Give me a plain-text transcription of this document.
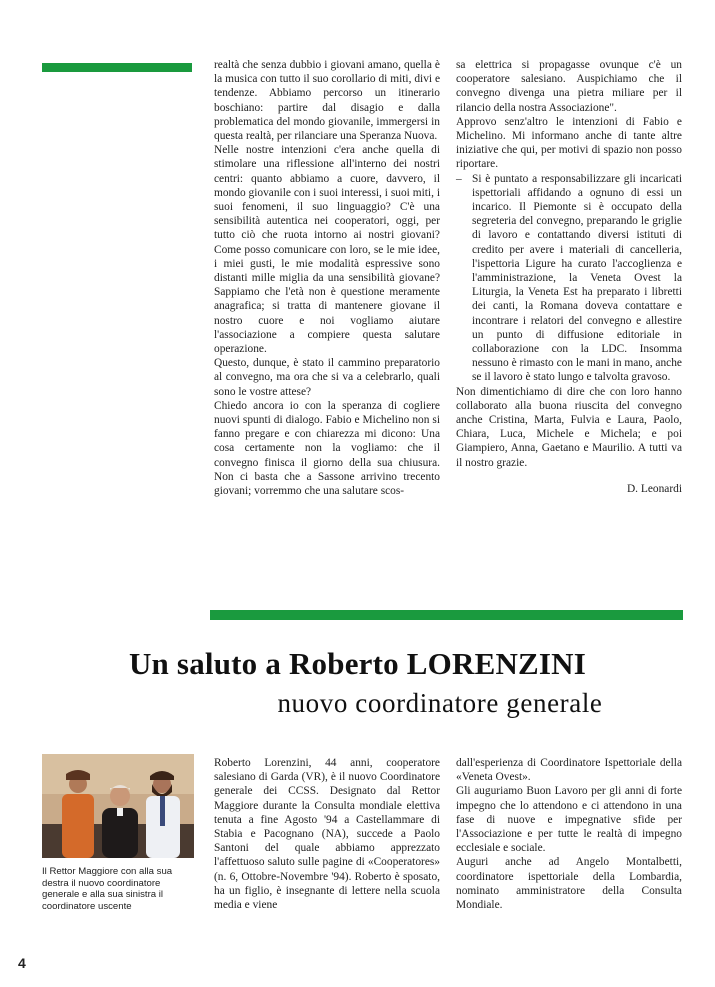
realtà che senza dubbio i giovani amano, quella è la musica con tutto il suo corollario di miti, divi e tendenze. Abbiamo percorso un itinerario boschiano: partire dal disagio e dalla problematica del mondo giovanile, immergersi in questa realtà, per rilanciare una Speranza Nuova.

Nelle nostre intenzioni c'era anche quella di stimolare una riflessione all'interno dei nostri centri: quanto abbiamo a cuore, davvero, il mondo giovanile con i suoi interessi, i suoi miti, i suoi fenomeni, il suo linguaggio? C'è una sensibilità autentica nei cooperatori, oggi, per tutto ciò che ruota intorno ai nostri giovani? Come posso comunicare con loro, se le mie idee, i miei gusti, le mie modalità espressive sono distanti mille miglia da una sensibilità giovane? Sappiamo che l'età non è questione meramente anagrafica; si tratta di mantenere giovane il nostro cuore e noi vogliamo aiutare l'associazione a compiere questa salutare operazione.

Questo, dunque, è stato il cammino preparatorio al convegno, ma ora che si va a celebrarlo, quali sono le vostre attese?

Chiedo ancora io con la speranza di cogliere nuovi spunti di dialogo. Fabio e Michelino non si fanno pregare e con chiarezza mi dicono: Una cosa certamente non la vogliamo: che il convegno finisca il giorno della sua chiusura. Non ci basta che a Sassone arrivino trecento giovani; vorremmo che una salutare scos-

sa elettrica si propagasse ovunque c'è un cooperatore salesiano. Auspichiamo che il convegno divenga una pietra miliare per il rilancio della nostra Associazione".

Approvo senz'altro le intenzioni di Fabio e Michelino. Mi informano anche di tante altre iniziative che qui, per motivi di spazio non posso riportare.

– Si è puntato a responsabilizzare gli incaricati ispettoriali affidando a ognuno di essi un incarico. Il Piemonte si è occupato della segreteria del convegno, preparando le griglie di lavoro e contattando diversi istituti di credito per avere i materiali di cancelleria, l'ispettoria Ligure ha curato l'accoglienza e l'amministrazione, la Veneta Ovest la Liturgia, la Veneta Est ha preparato i libretti dei canti, la Romana doveva contattare e incontrare i relatori del convegno e allestire un punto di diffusione editoriale in collaborazione con la LDC. Insomma nessuno è rimasto con le mani in mano, anche se il lavoro è stato lungo e talvolta gravoso.

Non dimentichiamo di dire che con loro hanno collaborato alla buona riuscita del convegno anche Cristina, Marta, Fulvia e Laura, Paolo, Chiara, Luca, Michele e Michela; e poi Giampiero, Anna, Gaetano e Maurilio. A tutti va il nostro grazie.

D. Leonardi

Un saluto a Roberto LORENZINI
nuovo coordinatore generale
Il Rettor Maggiore con alla sua destra il nuovo coordinatore generale e alla sua sinistra il coordinatore uscente

Roberto Lorenzini, 44 anni, cooperatore salesiano di Garda (VR), è il nuovo Coordinatore generale dei CCSS. Designato dal Rettor Maggiore durante la Consulta mondiale elettiva tenuta a fine Agosto '94 a Castellammare di Stabia e Pacognano (NA), succede a Paolo Santoni del quale abbiamo apprezzato l'affettuoso saluto sulle pagine di «Cooperatores» (n. 6, Ottobre-Novembre '94). Roberto è sposato, ha un figlio, è insegnante di lettere nella scuola media e viene

dall'esperienza di Coordinatore Ispettoriale della «Veneta Ovest».

Gli auguriamo Buon Lavoro per gli anni di forte impegno che lo attendono e ci attendono in una fase di nuove e impegnative sfide per l'Associazione e per tutte le realtà di impegno ecclesiale e sociale.

Auguri anche ad Angelo Montalbetti, coordinatore ispettoriale della Lombardia, nominato amministratore della Consulta Mondiale.

4
